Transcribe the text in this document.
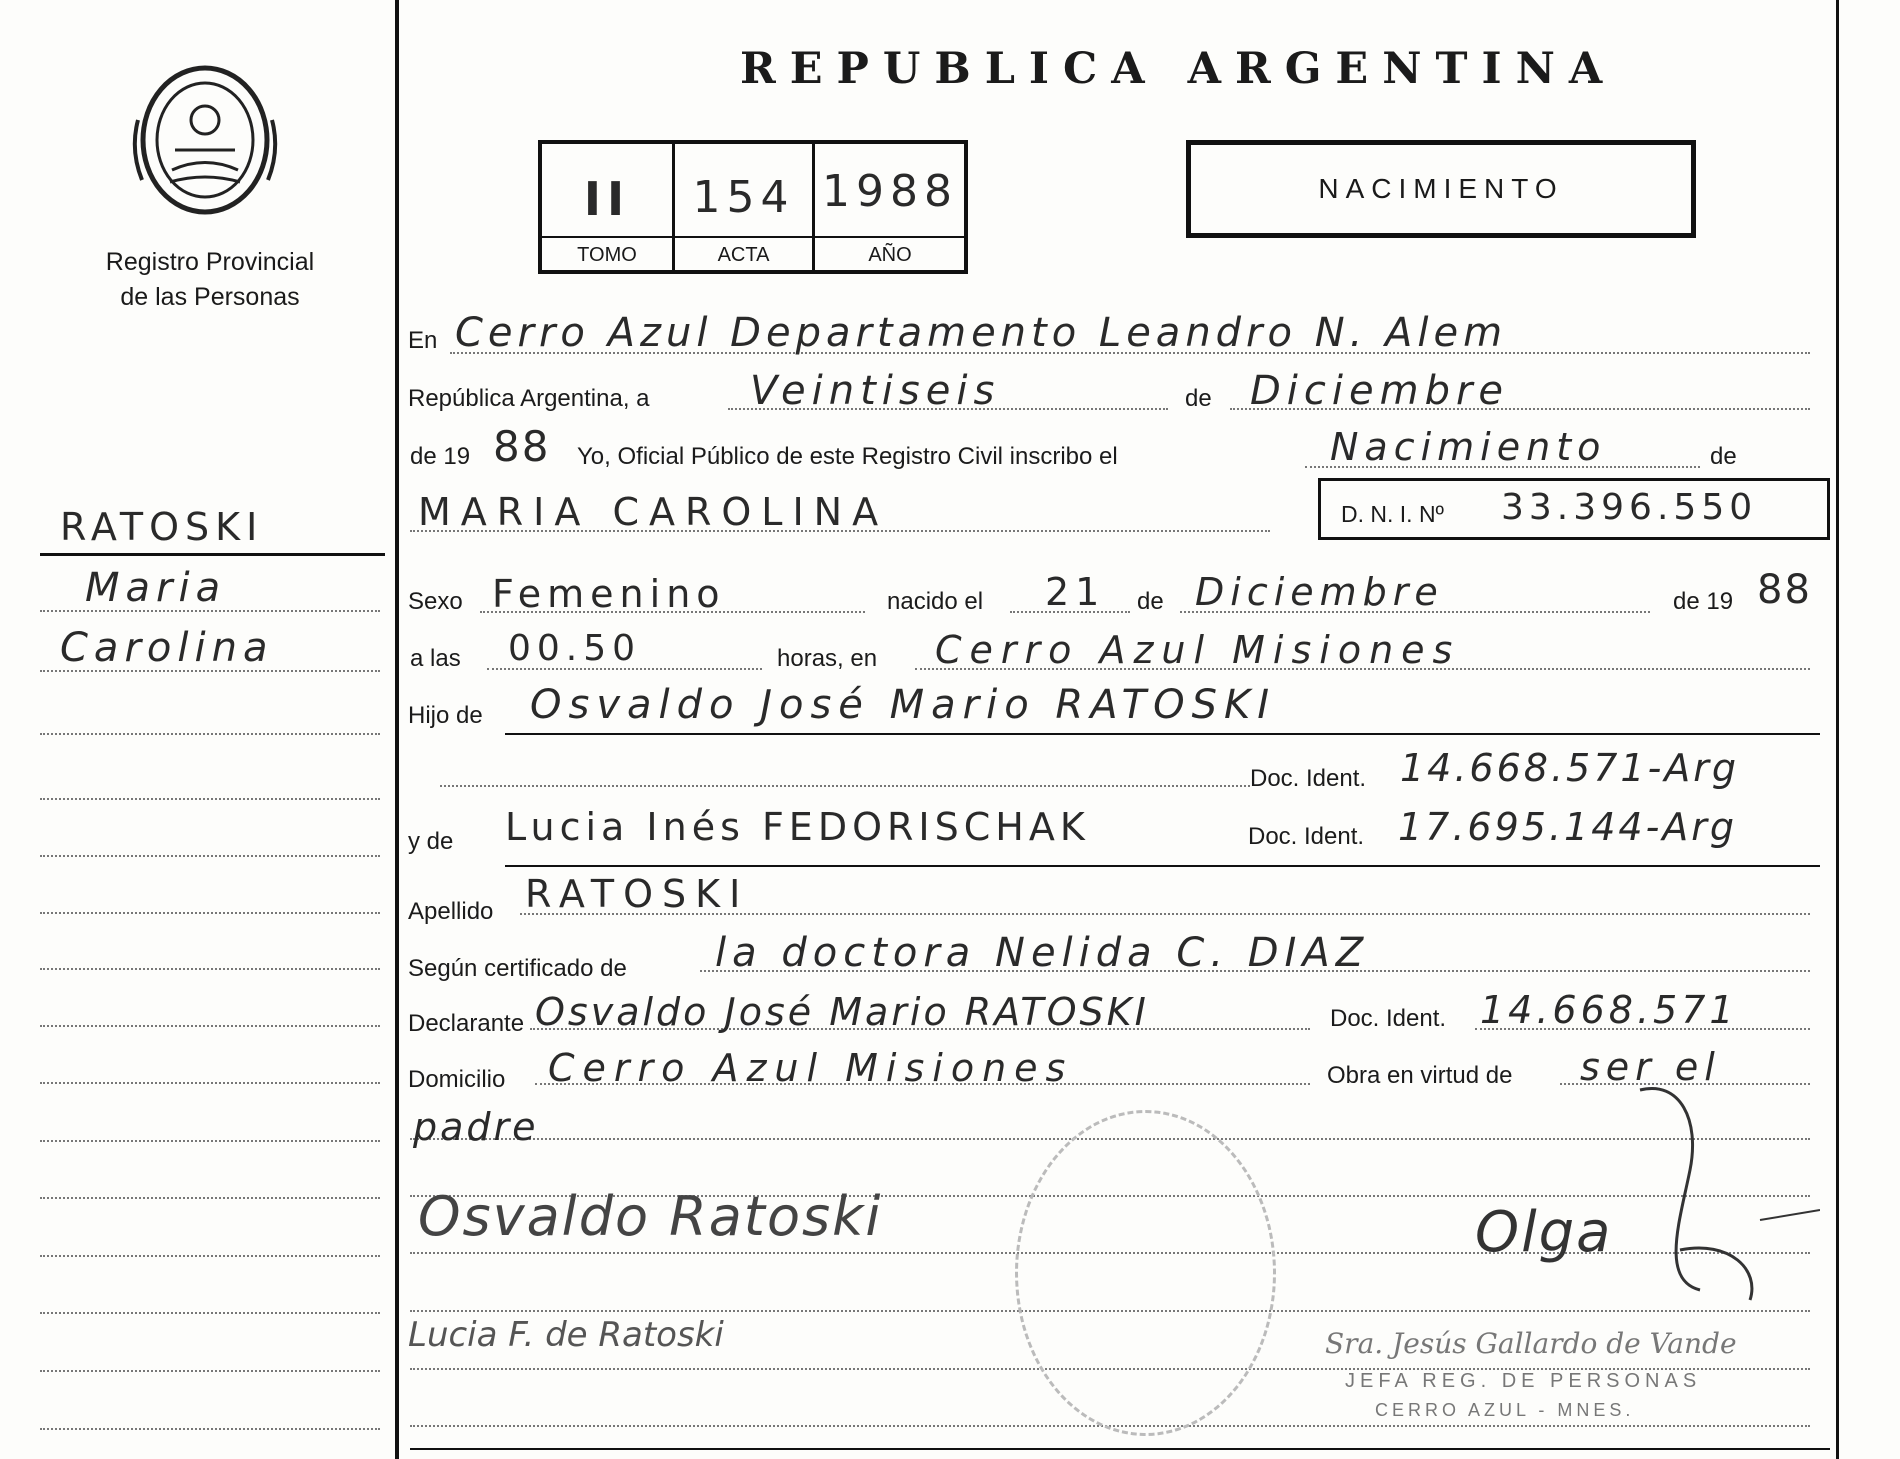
Registro Provincial
de las Personas
REPUBLICA ARGENTINA
II	154 1988
TOMO	ACTA	AÑO
NACIMIENTO
RATOSKI
Maria
Carolina
En Cerro Azul Departamento Leandro N. Alem
República Argentina, a	Veintiseis	de Diciembre
de 19 88 Yo, Oficial Público de este Registro Civil inscribo el	Nacimiento	de
MARIA CAROLINA	D. N. I. Nº 33.396.550
Sexo Femenino	nacido el 21 de Diciembre	de 19 88
a las 00.50	horas, en Cerro Azul Misiones
Hijo de Osvaldo José Mario RATOSKI
Doc. Ident. 14.668.571-Arg
y de Lucia Inés FEDORISCHAK	Doc. Ident. 17.695.144-Arg
Apellido RATOSKI
Según certificado de la doctora Nelida C. DIAZ
Declarante Osvaldo José Mario RATOSKI	Doc. Ident. 14.668.571
Domicilio Cerro Azul Misiones	Obra en virtud de ser el
padre
Osvaldo Ratoski
Lucia F. de Ratoski
Olga
Sra. Jesús Gallardo de Vande
JEFA REG. DE PERSONAS
CERRO AZUL - MNES.
